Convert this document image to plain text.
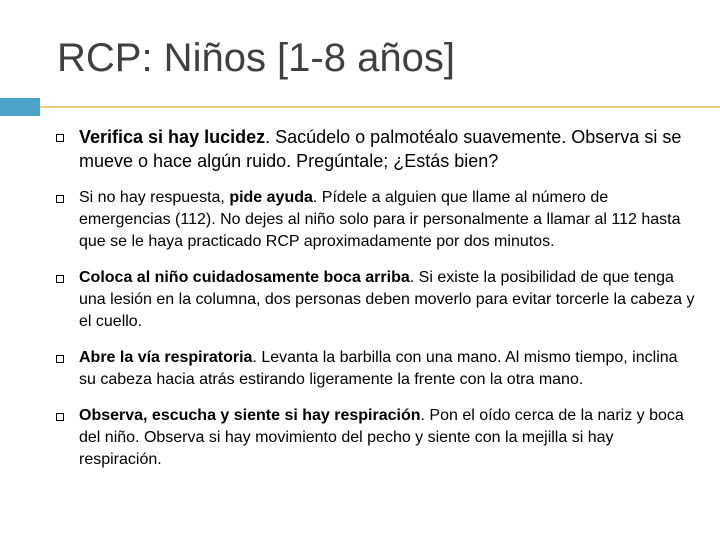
RCP: Niños [1-8 años]
Verifica si hay lucidez. Sacúdelo o palmotéalo suavemente. Observa si se mueve o hace algún ruido. Pregúntale; ¿Estás bien?
Si no hay respuesta, pide ayuda. Pídele a alguien que llame al número de emergencias (112). No dejes al niño solo para ir personalmente a llamar al 112 hasta que se le haya practicado RCP aproximadamente por dos minutos.
Coloca al niño cuidadosamente boca arriba. Si existe la posibilidad de que tenga una lesión en la columna, dos personas deben moverlo para evitar torcerle la cabeza y el cuello.
Abre la vía respiratoria. Levanta la barbilla con una mano. Al mismo tiempo, inclina su cabeza hacia atrás estirando ligeramente la frente con la otra mano.
Observa, escucha y siente si hay respiración. Pon el oído cerca de la nariz y boca del niño. Observa si hay movimiento del pecho y siente con la mejilla si hay respiración.
